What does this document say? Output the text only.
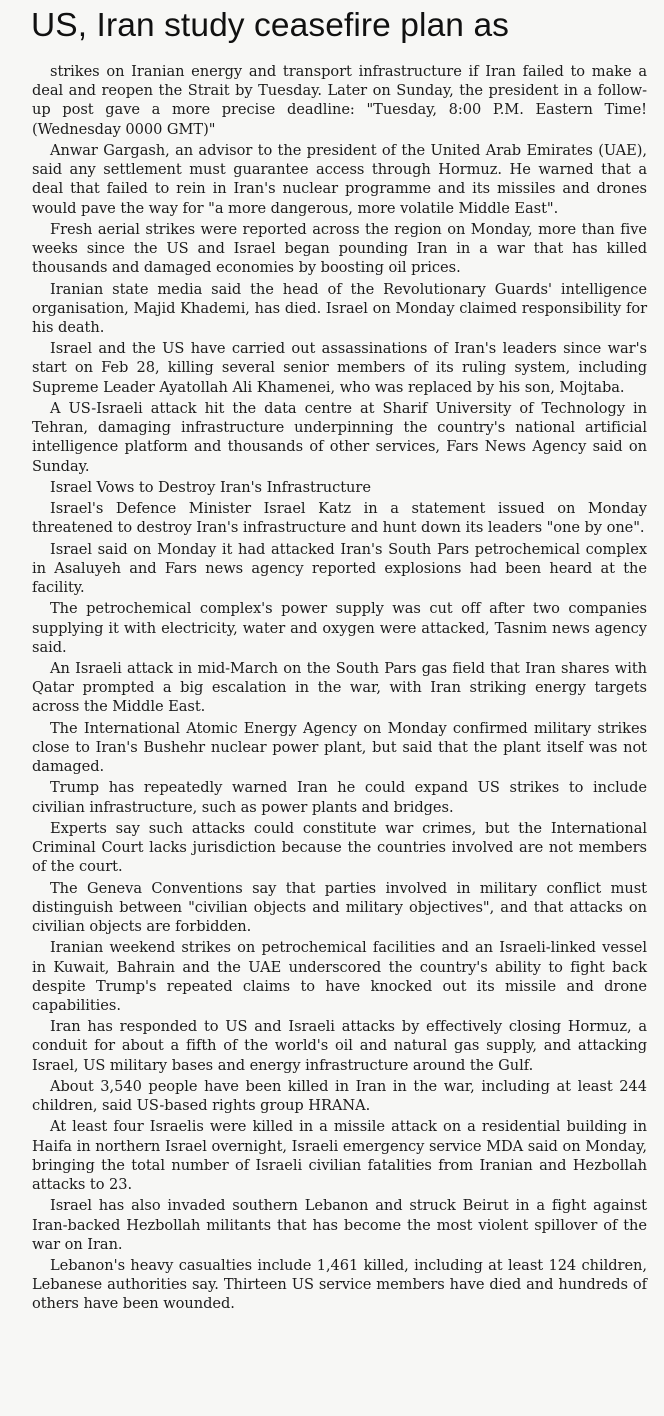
US, Iran study ceasefire plan as

strikes on Iranian energy and transport infrastructure if Iran failed to make a deal and reopen the Strait by Tuesday. Later on Sunday, the president in a follow-up post gave a more precise deadline: "Tuesday, 8:00 P.M. Eastern Time! (Wednesday 0000 GMT)"

Anwar Gargash, an advisor to the president of the United Arab Emirates (UAE), said any settlement must guarantee access through Hormuz. He warned that a deal that failed to rein in Iran's nuclear programme and its missiles and drones would pave the way for "a more dangerous, more volatile Middle East".

Fresh aerial strikes were reported across the region on Monday, more than five weeks since the US and Israel began pounding Iran in a war that has killed thousands and damaged economies by boosting oil prices.

Iranian state media said the head of the Revolutionary Guards' intelligence organisation, Majid Khademi, has died. Israel on Monday claimed responsibility for his death.

Israel and the US have carried out assassinations of Iran's leaders since war's start on Feb 28, killing several senior members of its ruling system, including Supreme Leader Ayatollah Ali Khamenei, who was replaced by his son, Mojtaba.

A US-Israeli attack hit the data centre at Sharif University of Technology in Tehran, damaging infrastructure underpinning the country's national artificial intelligence platform and thousands of other services, Fars News Agency said on Sunday.

Israel Vows to Destroy Iran's Infrastructure

Israel's Defence Minister Israel Katz in a statement issued on Monday threatened to destroy Iran's infrastructure and hunt down its leaders "one by one".

Israel said on Monday it had attacked Iran's South Pars petrochemical complex in Asaluyeh and Fars news agency reported explosions had been heard at the facility.

The petrochemical complex's power supply was cut off after two companies supplying it with electricity, water and oxygen were attacked, Tasnim news agency said.

An Israeli attack in mid-March on the South Pars gas field that Iran shares with Qatar prompted a big escalation in the war, with Iran striking energy targets across the Middle East.

The International Atomic Energy Agency on Monday confirmed military strikes close to Iran's Bushehr nuclear power plant, but said that the plant itself was not damaged.

Trump has repeatedly warned Iran he could expand US strikes to include civilian infrastructure, such as power plants and bridges.

Experts say such attacks could constitute war crimes, but the International Criminal Court lacks jurisdiction because the countries involved are not members of the court.

The Geneva Conventions say that parties involved in military conflict must distinguish between "civilian objects and military objectives", and that attacks on civilian objects are forbidden.

Iranian weekend strikes on petrochemical facilities and an Israeli-linked vessel in Kuwait, Bahrain and the UAE underscored the country's ability to fight back despite Trump's repeated claims to have knocked out its missile and drone capabilities.

Iran has responded to US and Israeli attacks by effectively closing Hormuz, a conduit for about a fifth of the world's oil and natural gas supply, and attacking Israel, US military bases and energy infrastructure around the Gulf.

About 3,540 people have been killed in Iran in the war, including at least 244 children, said US-based rights group HRANA.

At least four Israelis were killed in a missile attack on a residential building in Haifa in northern Israel overnight, Israeli emergency service MDA said on Monday, bringing the total number of Israeli civilian fatalities from Iranian and Hezbollah attacks to 23.

Israel has also invaded southern Lebanon and struck Beirut in a fight against Iran-backed Hezbollah militants that has become the most violent spillover of the war on Iran.

Lebanon's heavy casualties include 1,461 killed, including at least 124 children, Lebanese authorities say. Thirteen US service members have died and hundreds of others have been wounded.
